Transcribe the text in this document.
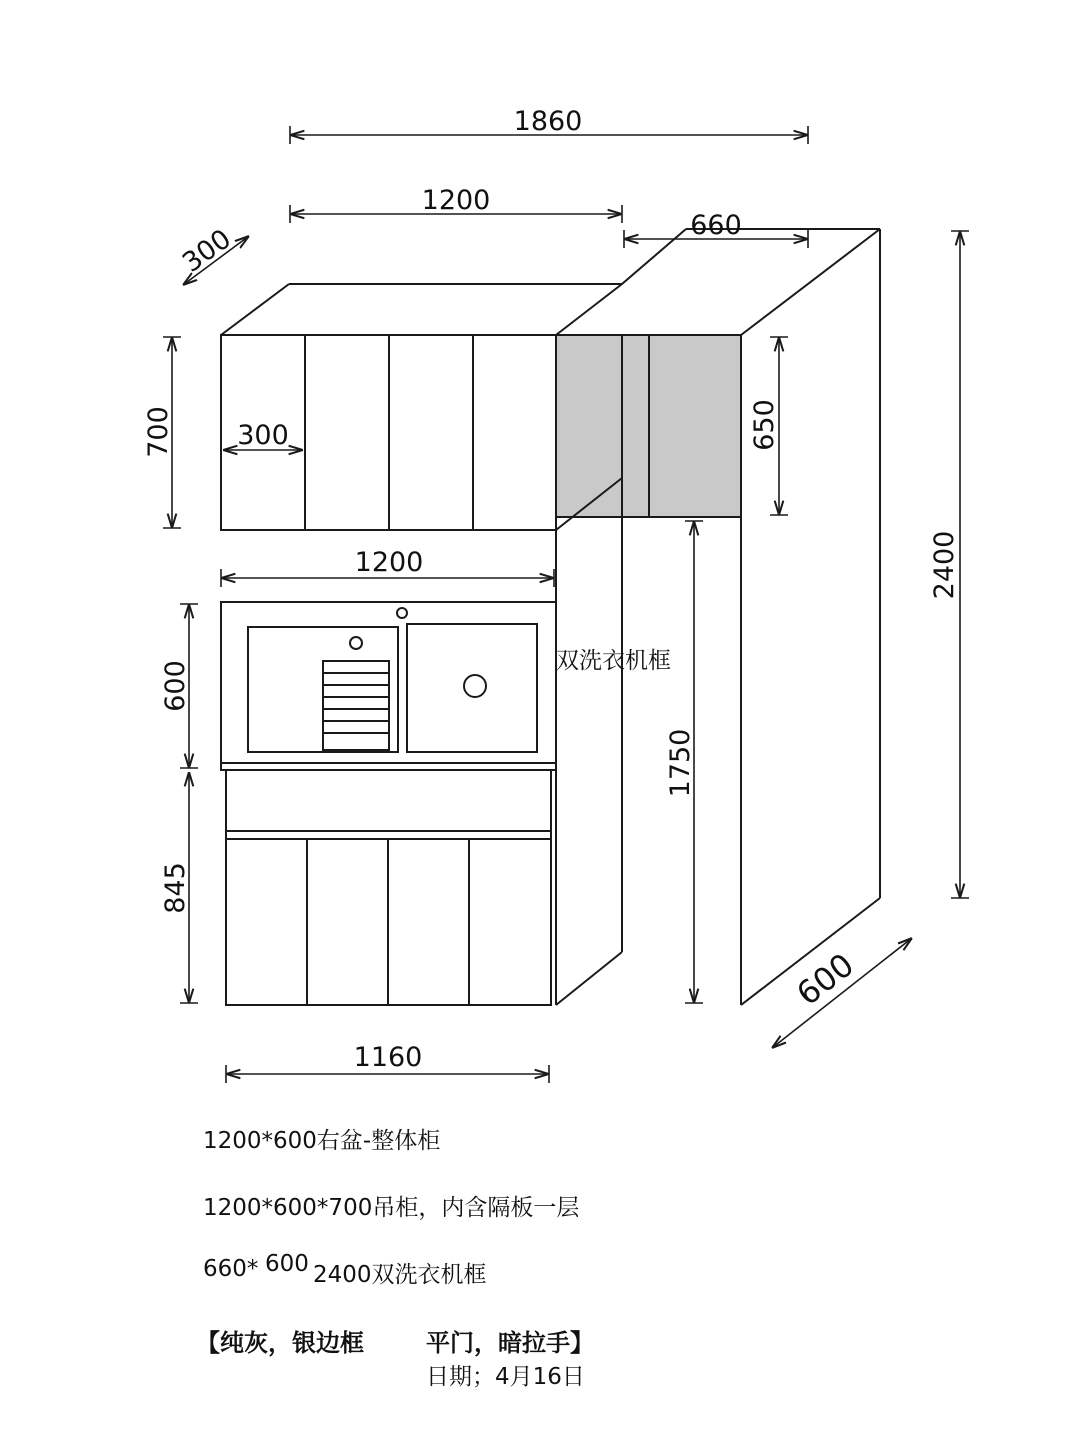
1860
1200
660
300
700 300	650
2400
1200
600
845
1750
600
1160
双洗衣机框
1200*600右盆-整体柜
1200*600*700吊柜，内含隔板一层
660* 600 2400双洗衣机框
【纯灰，银边框	平门，暗拉手】
日期；4月16日
